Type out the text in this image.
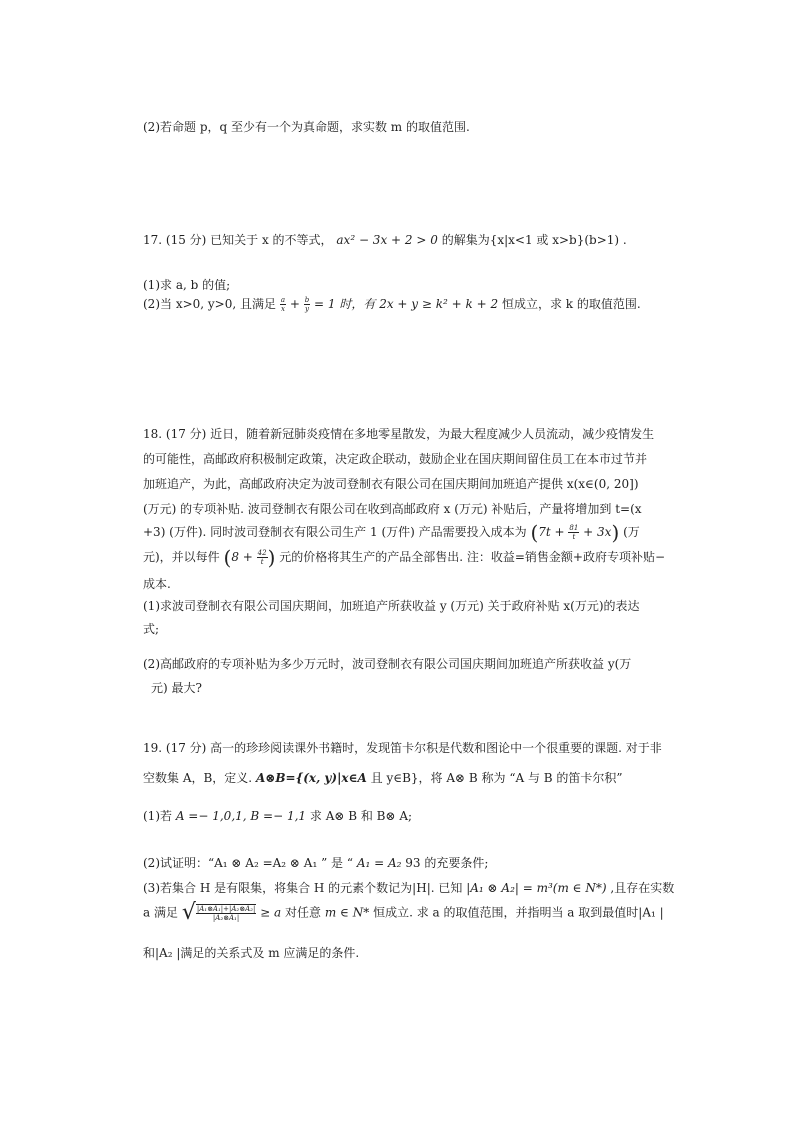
(2)若命题 p，q 至少有一个为真命题，求实数 m 的取值范围.
17. (15 分) 已知关于 x 的不等式， ax² − 3x + 2 > 0 的解集为{x|x<1 或 x>b}(b>1) .
(1)求 a, b 的值;
(2)当 x>0, y>0, 且满足 $\frac{a}{x} + \frac{b}{y} = 1$ 时，有 2x + y ≥ k² + k + 2 恒成立，求 k 的取值范围.
18. (17 分) 近日，随着新冠肺炎疫情在多地零星散发，为最大程度减少人员流动，减少疫情发生
的可能性，高邮政府积极制定政策，决定政企联动，鼓励企业在国庆期间留住员工在本市过节并
加班追产，为此，高邮政府决定为波司登制衣有限公司在国庆期间加班追产提供 x(x∈(0, 20])
(万元) 的专项补贴. 波司登制衣有限公司在收到高邮政府 x (万元) 补贴后，产量将增加到 t=(x
+3) (万件). 同时波司登制衣有限公司生产 1 (万件) 产品需要投入成本为 $(7t + \frac{81}{t} + 3x)$ (万
元)，并以每件 ($8 + \frac{42}{t}$ ) 元的价格将其生产的产品全部售出. 注：收益=销售金额+政府专项补贴−
成本.
(1)求波司登制衣有限公司国庆期间，加班追产所获收益 y (万元) 关于政府补贴 x(万元)的表达
式;
(2)高邮政府的专项补贴为多少万元时，波司登制衣有限公司国庆期间加班追产所获收益 y(万
元) 最大?
19. (17 分) 高一的珍珍阅读课外书籍时，发现笛卡尔积是代数和图论中一个很重要的课题. 对于非
空数集 A，B，定义. A⊗B={(x, y)|x∈A 且 y∈B}，将 A⊗ B 称为 “A 与 B 的笛卡尔积”
(1)若 A =− 1,0,1, B =− 1,1 求 A⊗ B 和 B⊗ A;
(2)试证明：“A₁ ⊗ A₂ =A₂ ⊗ A₁ ” 是 “ A₁ = A₂ 93 的充要条件;
(3)若集合 H 是有限集，将集合 H 的元素个数记为|H|. 已知 |A₁ ⊗ A₂| = m³(m ∈ N*) ,且存在实数
a 满足 √ $\frac{\text{|A₁⊗A₁|+|A₂⊗A₂|}}{\text{|A₂⊗A₁|}} \ge a$ 对任意 m ∈ N* 恒成立. 求 a 的取值范围，并指明当 a 取到最值时|A₁ |
和|A₂ |满足的关系式及 m 应满足的条件.
